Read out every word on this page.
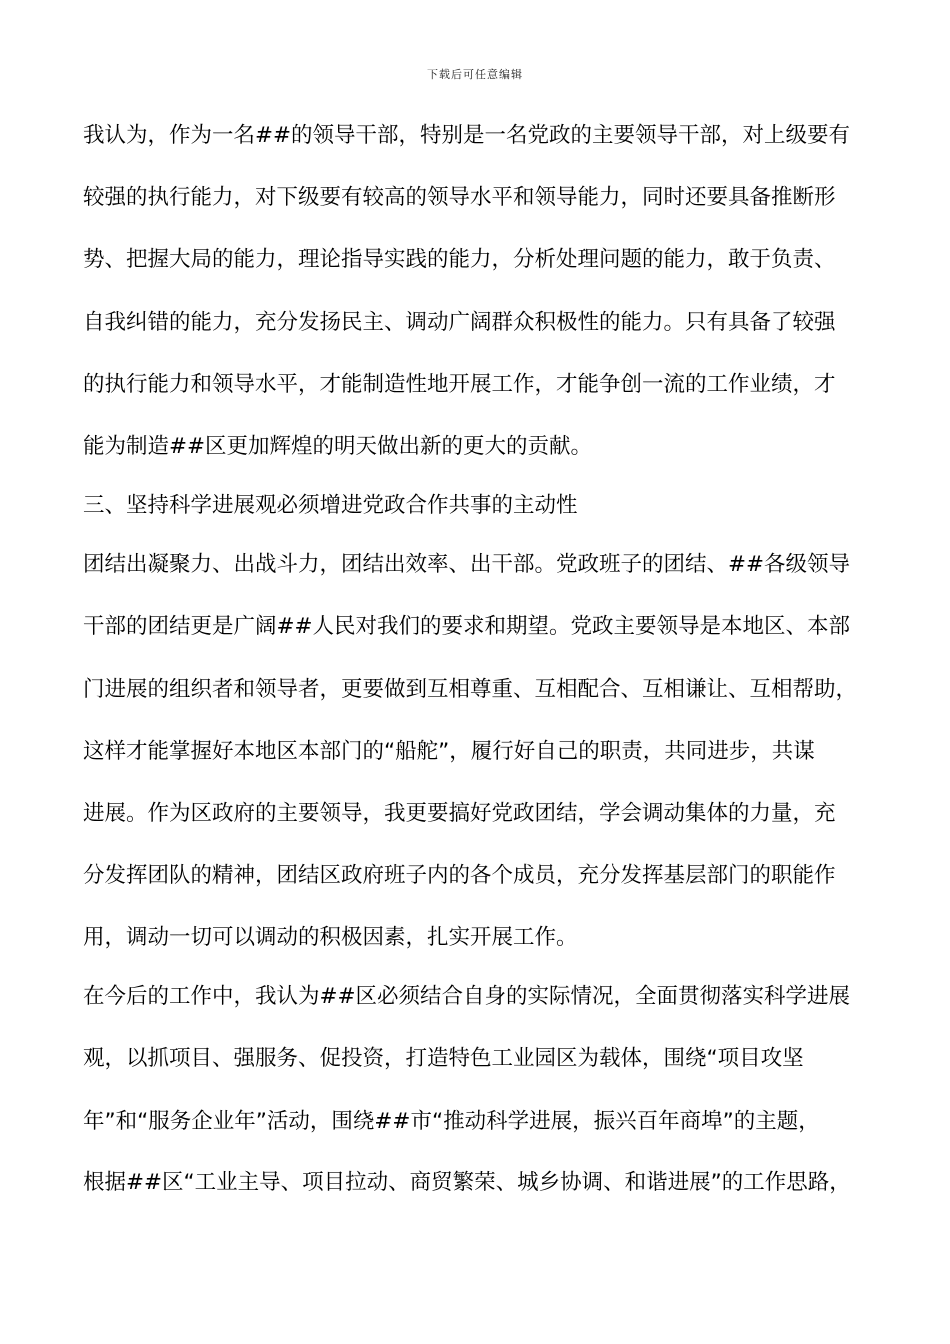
下载后可任意编辑
我认为，作为一名##的领导干部，特别是一名党政的主要领导干部，对上级要有
较强的执行能力，对下级要有较高的领导水平和领导能力，同时还要具备推断形
势、把握大局的能力，理论指导实践的能力，分析处理问题的能力，敢于负责、
自我纠错的能力，充分发扬民主、调动广阔群众积极性的能力。只有具备了较强
的执行能力和领导水平，才能制造性地开展工作，才能争创一流的工作业绩，才
能为制造##区更加辉煌的明天做出新的更大的贡献。
三、坚持科学进展观必须增进党政合作共事的主动性
团结出凝聚力、出战斗力，团结出效率、出干部。党政班子的团结、##各级领导
干部的团结更是广阔##人民对我们的要求和期望。党政主要领导是本地区、本部
门进展的组织者和领导者，更要做到互相尊重、互相配合、互相谦让、互相帮助，
这样才能掌握好本地区本部门的“船舵”，履行好自己的职责，共同进步，共谋
进展。作为区政府的主要领导，我更要搞好党政团结，学会调动集体的力量，充
分发挥团队的精神，团结区政府班子内的各个成员，充分发挥基层部门的职能作
用，调动一切可以调动的积极因素，扎实开展工作。
在今后的工作中，我认为##区必须结合自身的实际情况，全面贯彻落实科学进展
观，以抓项目、强服务、促投资，打造特色工业园区为载体，围绕“项目攻坚
年”和“服务企业年”活动，围绕##市“推动科学进展，振兴百年商埠”的主题，
根据##区“工业主导、项目拉动、商贸繁荣、城乡协调、和谐进展”的工作思路，
